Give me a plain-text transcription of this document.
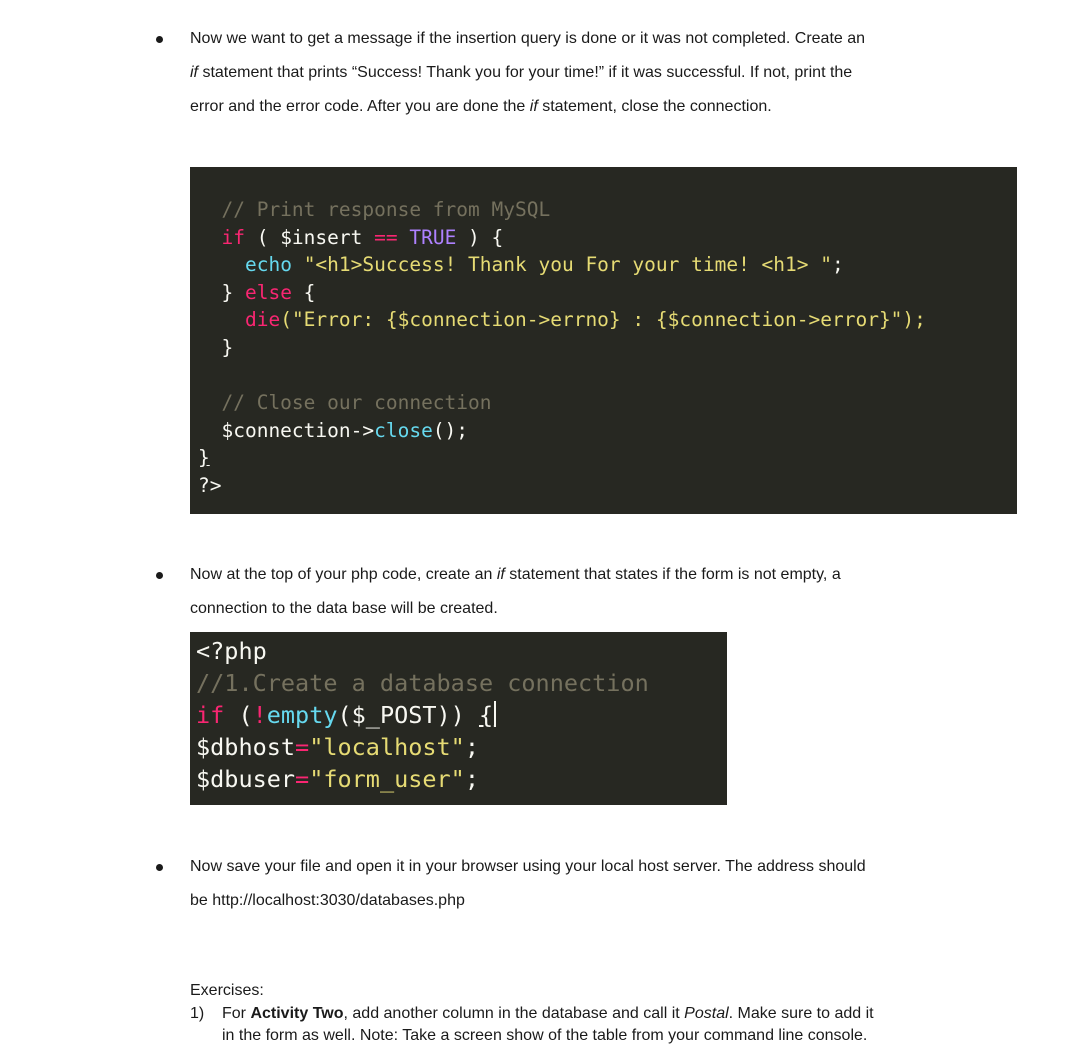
Now we want to get a message if the insertion query is done or it was not completed. Create an

if statement that prints “Success! Thank you for your time!” if it was successful. If not, print the

error and the error code. After you are done the if statement, close the connection.

// Print response from MySQL
if ( $insert == TRUE ) {
echo "<h1>Success! Thank you For your time! <h1> ";
} else {
die("Error: {$connection->errno} : {$connection->error}");
}

// Close our connection
$connection->close();
}
?>

Now at the top of your php code, create an if statement that states if the form is not empty, a

connection to the data base will be created.

<?php
//1.Create a database connection
if (!empty($_POST)) {
$dbhost="localhost";
$dbuser="form_user";

Now save your file and open it in your browser using your local host server. The address should

be http://localhost:3030/databases.php

Exercises:
1) For Activity Two, add another column in the database and call it Postal. Make sure to add it
in the form as well. Note: Take a screen show of the table from your command line console.
